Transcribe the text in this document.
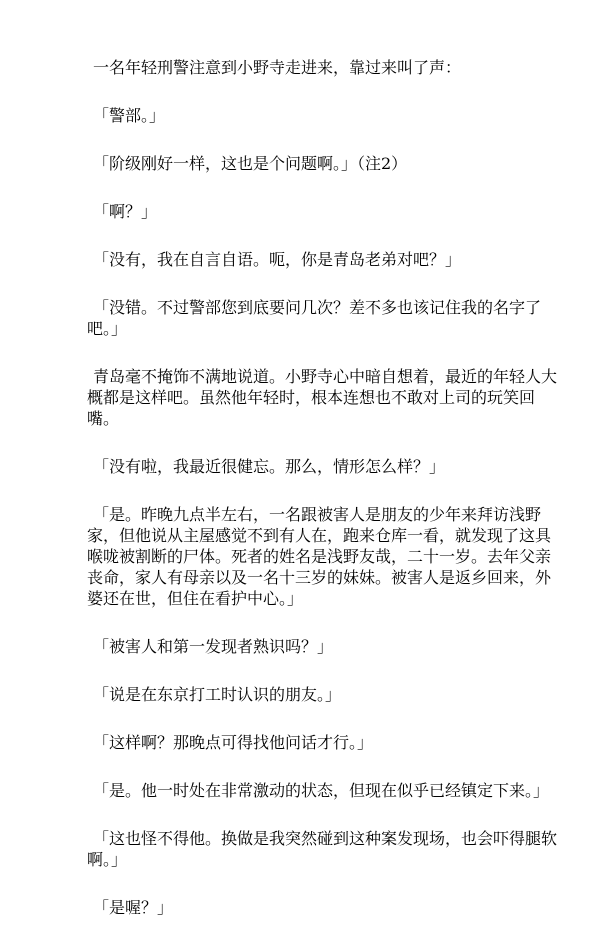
一名年轻刑警注意到小野寺走进来，靠过来叫了声：

「警部。」

「阶级刚好一样，这也是个问题啊。」（注2）

「啊？」

「没有，我在自言自语。呃，你是青岛老弟对吧？」

「没错。不过警部您到底要问几次？差不多也该记住我的名字了吧。」

青岛毫不掩饰不满地说道。小野寺心中暗自想着，最近的年轻人大概都是这样吧。虽然他年轻时，根本连想也不敢对上司的玩笑回嘴。

「没有啦，我最近很健忘。那么，情形怎么样？」

「是。昨晚九点半左右，一名跟被害人是朋友的少年来拜访浅野家，但他说从主屋感觉不到有人在，跑来仓库一看，就发现了这具喉咙被割断的尸体。死者的姓名是浅野友哉，二十一岁。去年父亲丧命，家人有母亲以及一名十三岁的妹妹。被害人是返乡回来，外婆还在世，但住在看护中心。」

「被害人和第一发现者熟识吗？」

「说是在东京打工时认识的朋友。」

「这样啊？那晚点可得找他问话才行。」

「是。他一时处在非常激动的状态，但现在似乎已经镇定下来。」

「这也怪不得他。换做是我突然碰到这种案发现场，也会吓得腿软啊。」

「是喔？」
